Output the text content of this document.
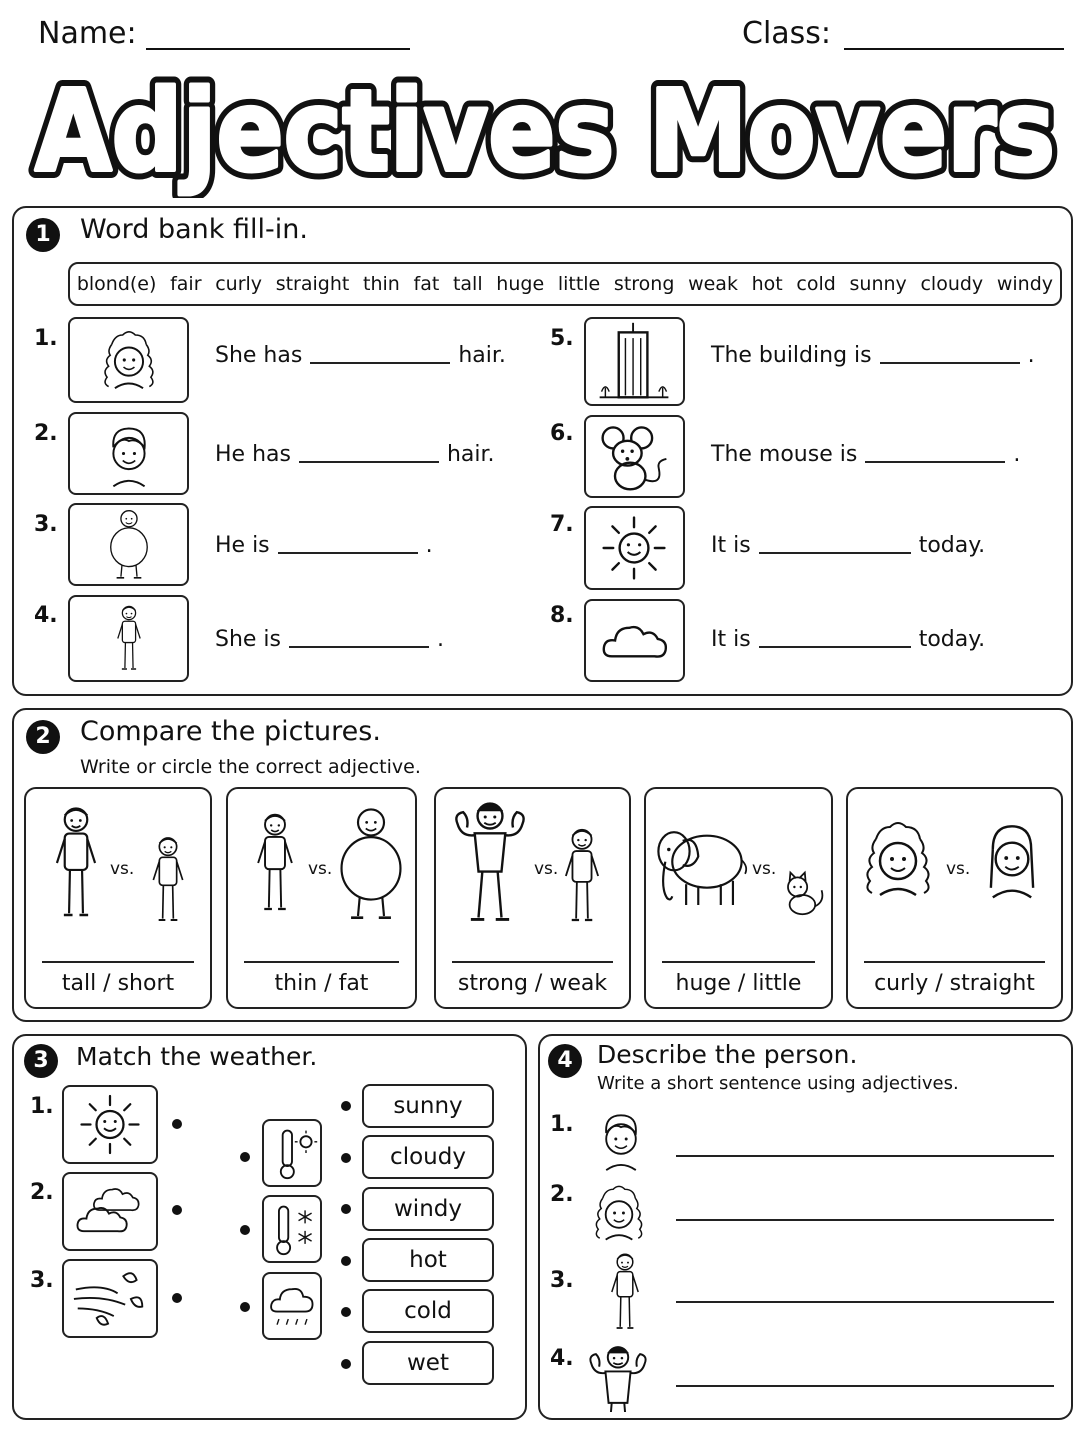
Name:	Class:
Adjectives Movers
Adjectives Movers
1	Word bank fill-in.
blond(e) fair curly straight thin fat tall huge little strong weak hot cold sunny cloudy windy
1.
She has	hair.
2.
He has	hair.
3.
He is	.
4.
She is	.
5.
The building is	.
6.
The mouse is	.
7.
It is	today.
8.
It is	today.
2	Compare the pictures.
Write or circle the correct adjective.
vs.
tall / short
vs.
thin / fat
vs.
strong / weak
vs.
huge / little
vs.
curly / straight
3	Match the weather.
1.
2.
3.
sunny
cloudy
windy
hot
cold
wet
4 Describe the person.
Write a short sentence using adjectives.
1.
2.
3.
4.
